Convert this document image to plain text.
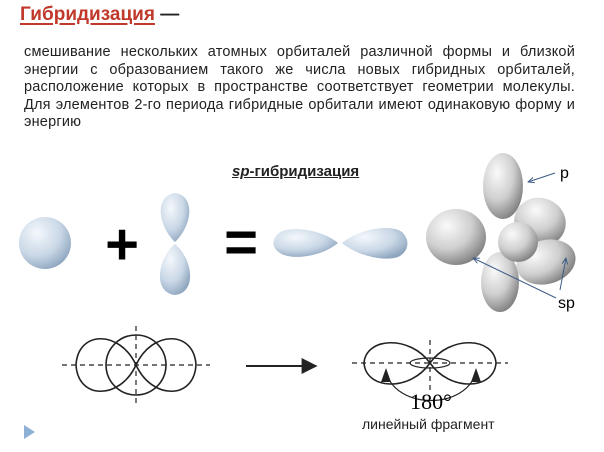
Гибридизация —

смешивание нескольких атомных орбиталей различной формы и близкой энергии с образованием такого же числа новых гибридных орбиталей, расположение которых в пространстве соответствует геометрии молекулы. Для элементов 2-го периода гибридные орбитали имеют одинаковую форму и энергию

sp-гибридизация
+ =
p
sp
180°
линейный фрагмент
